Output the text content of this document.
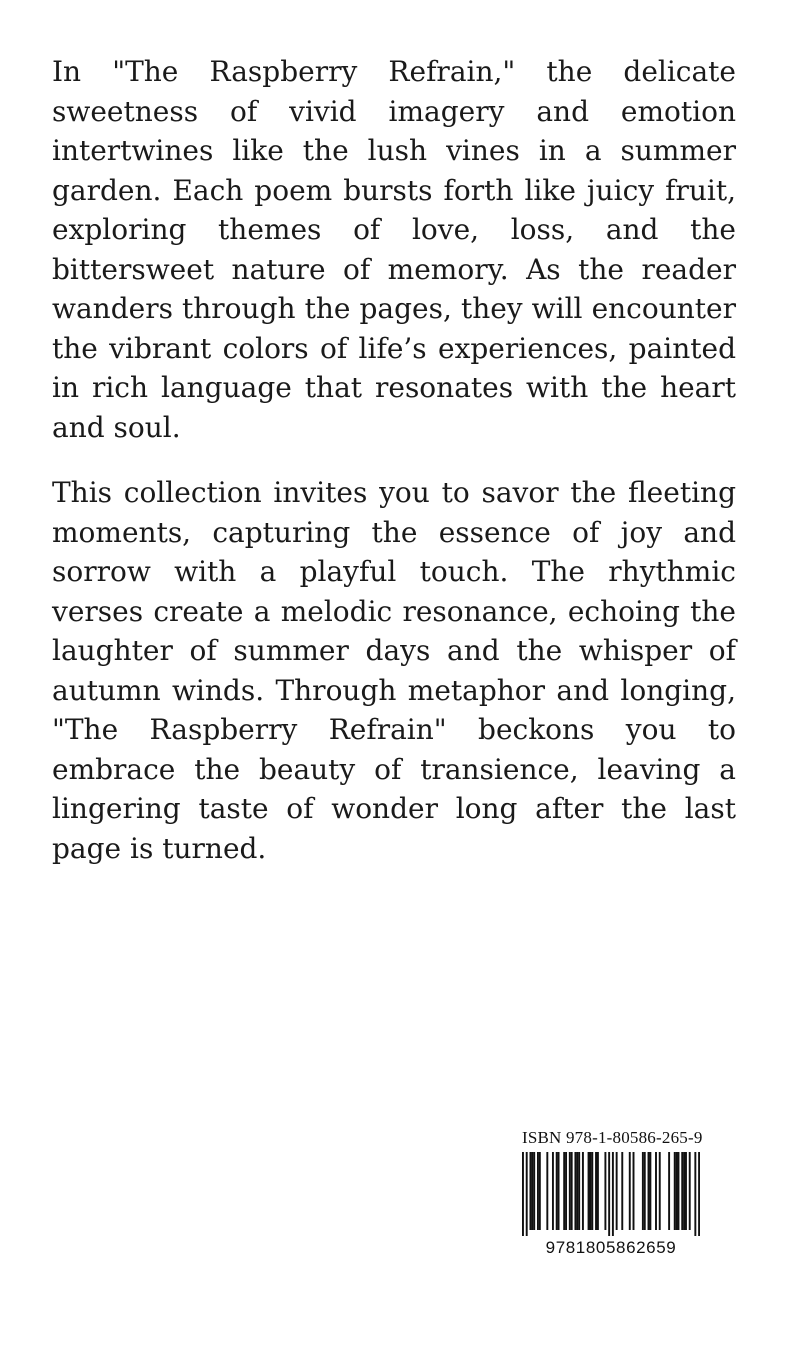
In "The Raspberry Refrain," the delicate sweetness of vivid imagery and emotion intertwines like the lush vines in a summer garden. Each poem bursts forth like juicy fruit, exploring themes of love, loss, and the bittersweet nature of memory. As the reader wanders through the pages, they will encounter the vibrant colors of life’s experiences, painted in rich language that resonates with the heart and soul.

This collection invites you to savor the fleeting moments, capturing the essence of joy and sorrow with a playful touch. The rhythmic verses create a melodic resonance, echoing the laughter of summer days and the whisper of autumn winds. Through metaphor and longing, "The Raspberry Refrain" beckons you to embrace the beauty of transience, leaving a lingering taste of wonder long after the last page is turned.

ISBN 978-1-80586-265-9
9781805862659
